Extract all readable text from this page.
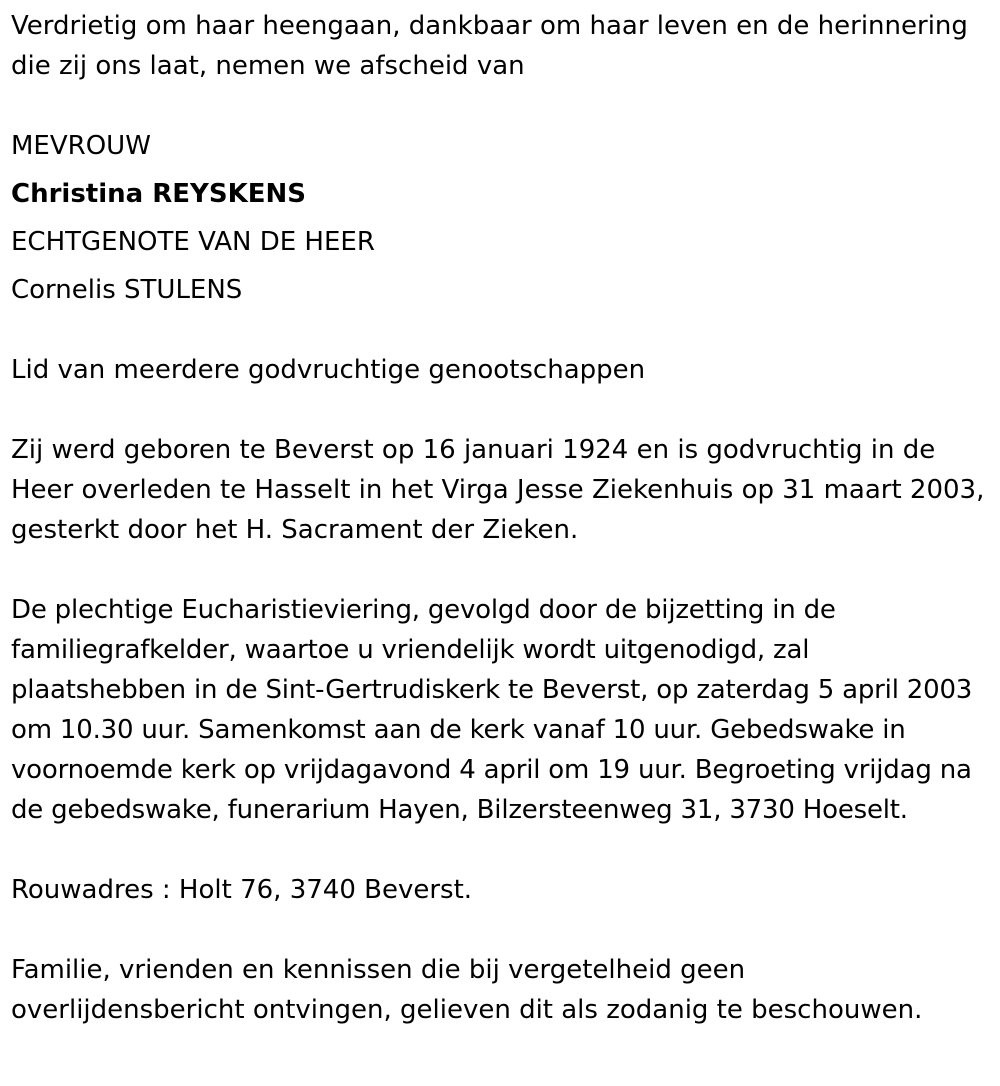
Verdrietig om haar heengaan, dankbaar om haar leven en de herinnering die zij ons laat, nemen we afscheid van

MEVROUW
Christina REYSKENS
ECHTGENOTE VAN DE HEER
Cornelis STULENS

Lid van meerdere godvruchtige genootschappen

Zij werd geboren te Beverst op 16 januari 1924 en is godvruchtig in de Heer overleden te Hasselt in het Virga Jesse Ziekenhuis op 31 maart 2003, gesterkt door het H. Sacrament der Zieken.

De plechtige Eucharistieviering, gevolgd door de bijzetting in de familiegrafkelder, waartoe u vriendelijk wordt uitgenodigd, zal plaatshebben in de Sint-Gertrudiskerk te Beverst, op zaterdag 5 april 2003 om 10.30 uur. Samenkomst aan de kerk vanaf 10 uur. Gebedswake in voornoemde kerk op vrijdagavond 4 april om 19 uur. Begroeting vrijdag na de gebedswake, funerarium Hayen, Bilzersteenweg 31, 3730 Hoeselt.

Rouwadres : Holt 76, 3740 Beverst.

Familie, vrienden en kennissen die bij vergetelheid geen overlijdensbericht ontvingen, gelieven dit als zodanig te beschouwen.
